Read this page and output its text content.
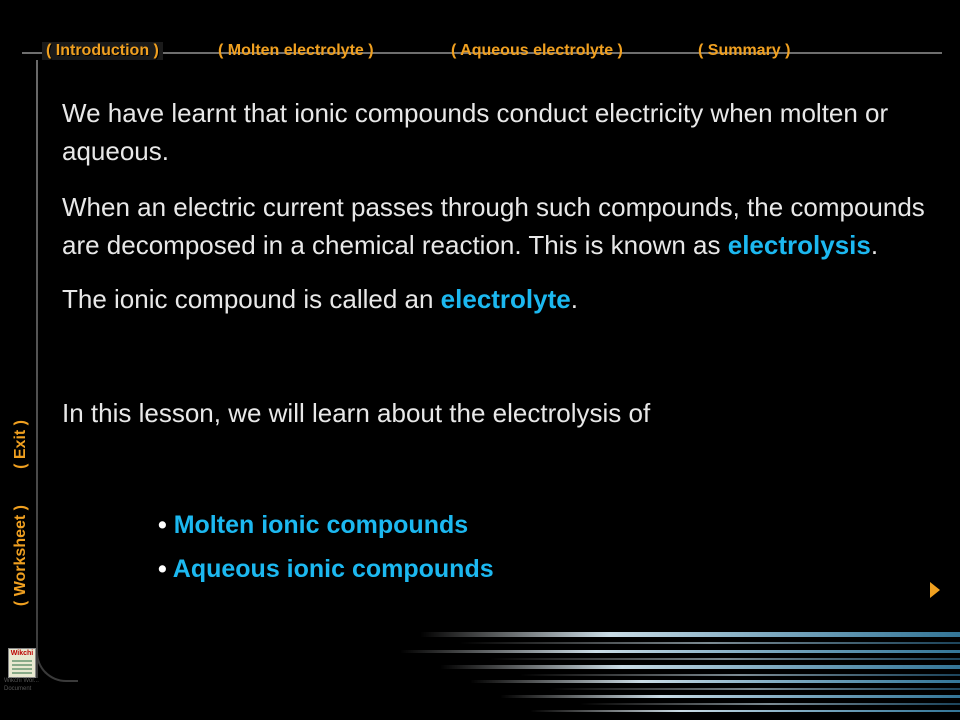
( Introduction )	( Molten electrolyte )	( Aqueous electrolyte )	( Summary )
( Exit )
( Worksheet )

We have learnt that ionic compounds conduct electricity when molten or aqueous.

When an electric current passes through such compounds, the compounds are decomposed in a chemical reaction. This is known as electrolysis.

The ionic compound is called an electrolyte.

In this lesson, we will learn about the electrolysis of

• Molten ionic compounds
• Aqueous ionic compounds
Wikchi
Wikchi Wor...
Document
